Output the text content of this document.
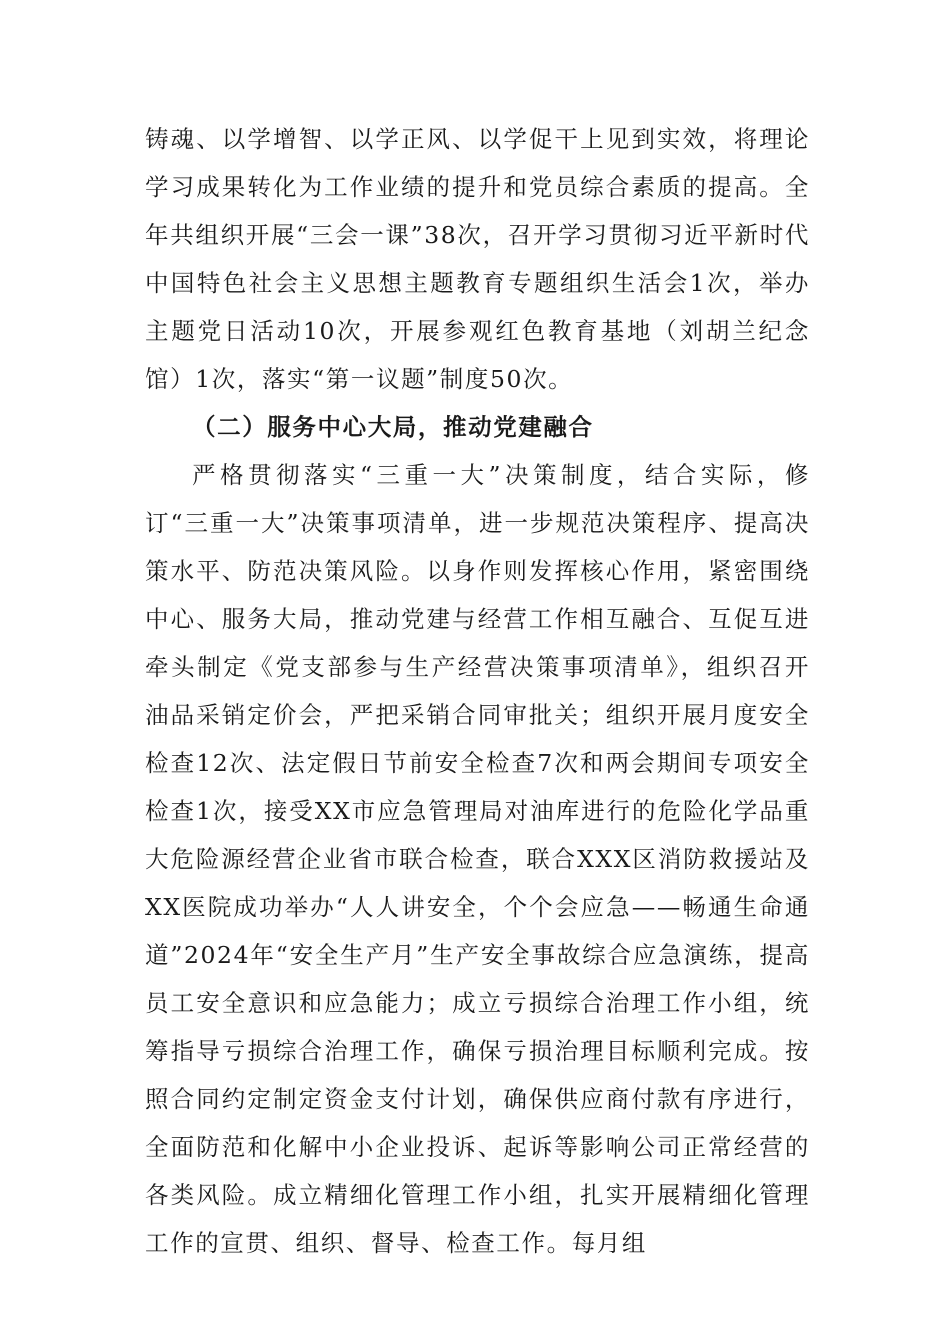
铸魂、以学增智、以学正风、以学促干上见到实效，将理论学习成果转化为工作业绩的提升和党员综合素质的提高。全年共组织开展“三会一课”38次，召开学习贯彻习近平新时代中国特色社会主义思想主题教育专题组织生活会1次，举办主题党日活动10次，开展参观红色教育基地（刘胡兰纪念馆）1次，落实“第一议题”制度50次。

（二）服务中心大局，推动党建融合

严格贯彻落实“三重一大”决策制度，结合实际，修订“三重一大”决策事项清单，进一步规范决策程序、提高决策水平、防范决策风险。以身作则发挥核心作用，紧密围绕中心、服务大局，推动党建与经营工作相互融合、互促互进牵头制定《党支部参与生产经营决策事项清单》，组织召开油品采销定价会，严把采销合同审批关；组织开展月度安全检查12次、法定假日节前安全检查7次和两会期间专项安全检查1次，接受XX市应急管理局对油库进行的危险化学品重大危险源经营企业省市联合检查，联合XXX区消防救援站及XX医院成功举办“人人讲安全，个个会应急——畅通生命通道”2024年“安全生产月”生产安全事故综合应急演练，提高员工安全意识和应急能力；成立亏损综合治理工作小组，统筹指导亏损综合治理工作，确保亏损治理目标顺利完成。按照合同约定制定资金支付计划，确保供应商付款有序进行，全面防范和化解中小企业投诉、起诉等影响公司正常经营的各类风险。成立精细化管理工作小组，扎实开展精细化管理工作的宣贯、组织、督导、检查工作。每月组
